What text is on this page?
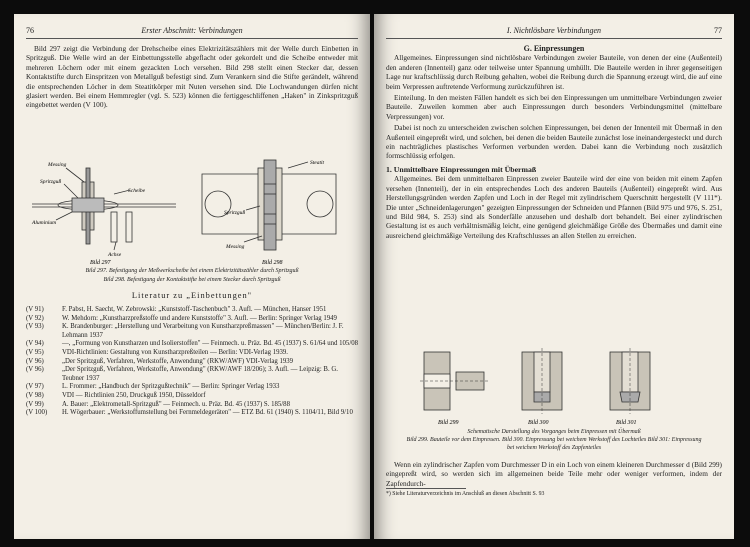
76	Erster Abschnitt: Verbindungen

Bild 297 zeigt die Verbindung der Drehscheibe eines Elektrizitätszählers mit der Welle durch Einbetten in Spritzguß. Die Welle wird an der Einbettungsstelle abgeflacht oder gekordelt und die Scheibe entweder mit mehreren Löchern oder mit einem gezackten Loch versehen. Bild 298 stellt einen Stecker dar, dessen Kontaktstifte durch Einspritzen von Metallguß befestigt sind. Zum Verankern sind die Stifte gerändelt, während die entsprechenden Löcher in dem Steatitkörper mit Nuten versehen sind. Die Lochwandungen dürfen nicht glasiert werden. Bei einem Hemmregler (vgl. S. 523) können die fertiggeschliffenen „Haken" in Zinkspritzguß eingebettet werden (V 100).

Messing
Spritzguß
Scheibe
Aluminium
Achse
Steatit
Spritzguß
Messing
Bild 297	Bild 298
Bild 297. Befestigung der Meßwerkscheibe bei einem Elektrizitätszähler durch Spritzguß
Bild 298. Befestigung der Kontaktstifte bei einem Stecker durch Spritzguß
Literatur zu „Einbettungen"
(V 91)	F. Pabst, H. Saecht, W. Zebrowski: „Kunststoff-Taschenbuch" 3. Aufl. — München, Hanser 1951
(V 92)	W. Mehdorn: „Kunstharzpreßstoffe und andere Kunststoffe" 3. Aufl. — Berlin: Springer Verlag 1949
(V 93)	K. Brandenburger: „Herstellung und Verarbeitung von Kunstharzpreßmassen" — München/Berlin: J. F. Lehmann 1937
(V 94)	—, „Formung von Kunstharzen und Isolierstoffen" — Feinmech. u. Präz. Bd. 45 (1937) S. 61/64 und 105/08
(V 95)	VDI-Richtlinien: Gestaltung von Kunstharzpreßteilen — Berlin: VDI-Verlag 1939.
(V 96)	„Der Spritzguß, Verfahren, Werkstoffe, Anwendung" (RKW/AWF) VDI-Verlag 1939
(V 96)	„Der Spritzguß, Verfahren, Werkstoffe, Anwendung" (RKW/AWF 18/206); 3. Aufl. — Leipzig: B. G. Teubner 1937
(V 97)	L. Frommer: „Handbuch der Spritzgußtechnik" — Berlin: Springer Verlag 1933
(V 98)	VDI — Richtlinien 250, Druckguß 1950, Düsseldorf
(V 99)	A. Bauer: „Elektrometall-Spritzguß" — Feinmech. u. Präz. Bd. 45 (1937) S. 185/88
(V 100)	H. Wögerbauer: „Werkstoffumstellung bei Fernmeldegeräten" — ETZ Bd. 61 (1940) S. 1104/11, Bild 9/10
I. Nichtlösbare Verbindungen	77
G. Einpressungen

Allgemeines. Einpressungen sind nichtlösbare Verbindungen zweier Bauteile, von denen der eine (Außenteil) den anderen (Innenteil) ganz oder teilweise unter Spannung umhüllt. Die Bauteile werden in ihrer gegenseitigen Lage nur kraftschlüssig durch Reibung gehalten, wobei die Reibung durch die Spannung erzeugt wird, die auf eine beim Verpressen auftretende Verformung zurückzuführen ist.

Einteilung. In den meisten Fällen handelt es sich bei den Einpressungen um unmittelbare Verbindungen zweier Bauteile. Zuweilen kommen aber auch Einpressungen durch besonders Verbindungsmittel (mittelbare Verpressungen) vor.

Dabei ist noch zu unterscheiden zwischen solchen Einpressungen, bei denen der Innenteil mit Übermaß in den Außenteil eingepreßt wird, und solchen, bei denen die beiden Bauteile zunächst lose ineinandergesteckt und durch ein nachträgliches plastisches Verformen verbunden werden. Dabei kann die Verbindung noch zusätzlich formschlüssig erfolgen.

1. Unmittelbare Einpressungen mit Übermaß

Allgemeines. Bei dem unmittelbaren Einpressen zweier Bauteile wird der eine von beiden mit einem Zapfen versehen (Innenteil), der in ein entsprechendes Loch des anderen Bauteils (Außenteil) eingepreßt wird. Aus Herstellungsgründen werden Zapfen und Loch in der Regel mit zylindrischem Querschnitt hergestellt (V 111*). Die unter „Schneidenlagerungen" gezeigten Einpressungen der Schneiden und Pfannen (Bild 975 und 976, S. 251, und Bild 984, S. 253) sind als Sonderfälle anzusehen und deshalb dort behandelt. Bei einer zylindrischen Gestaltung ist es auch verhältnismäßig leicht, eine genügend gleichmäßige Größe des Übermaßes und damit eine ausreichend gleichmäßige Verteilung des Kraftschlusses an allen Stellen zu erreichen.

Bild 299	Bild 300	Bild 301
Schematische Darstellung des Vorganges beim Einpressen mit Übermaß
Bild 299. Bauteile vor dem Einpressen. Bild 300. Einpressung bei weichem Werkstoff des Lochteiles Bild 301: Einpressung bei weichem Werkstoff des Zapfenteiles

Wenn ein zylindrischer Zapfen vom Durchmesser D in ein Loch von einem kleineren Durchmesser d (Bild 299) eingepreßt wird, so werden sich im allgemeinen beide Teile mehr oder weniger verformen, indem der Zapfendurch-

*) Siehe Literaturverzeichnis im Anschluß an diesen Abschnitt S. 93
